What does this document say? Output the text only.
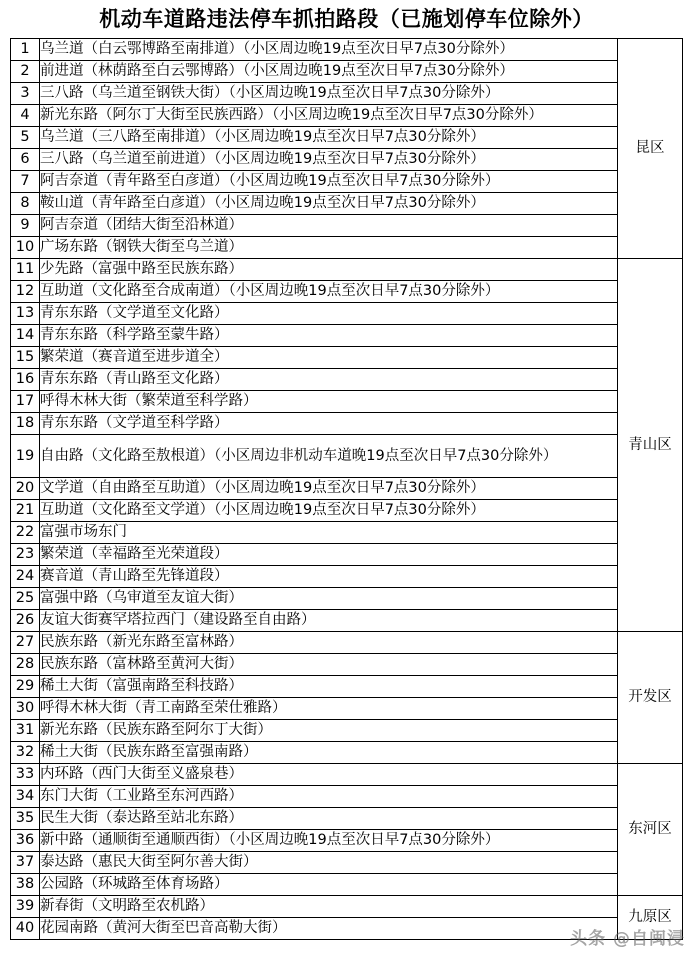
机动车道路违法停车抓拍路段（已施划停车位除外）
1	乌兰道（白云鄂博路至南排道）（小区周边晚19点至次日早7点30分除外）	昆区
2	前进道（林荫路至白云鄂博路）（小区周边晚19点至次日早7点30分除外）	
3	三八路（乌兰道至钢铁大街）（小区周边晚19点至次日早7点30分除外）	
4	新光东路（阿尔丁大街至民族西路）（小区周边晚19点至次日早7点30分除外）	
5	乌兰道（三八路至南排道）（小区周边晚19点至次日早7点30分除外）	
6	三八路（乌兰道至前进道）（小区周边晚19点至次日早7点30分除外）	
7	阿吉奈道（青年路至白彦道）（小区周边晚19点至次日早7点30分除外）	
8	鞍山道（青年路至白彦道）（小区周边晚19点至次日早7点30分除外）	
9	阿吉奈道（团结大街至沿林道）	
10	广场东路（钢铁大街至乌兰道）	
11	少先路（富强中路至民族东路）	青山区
12	互助道（文化路至合成南道）（小区周边晚19点至次日早7点30分除外）	
13	青东东路（文学道至文化路）	
14	青东东路（科学路至蒙牛路）	
15	繁荣道（赛音道至进步道全）	
16	青东东路（青山路至文化路）	
17	呼得木林大街（繁荣道至科学路）	
18	青东东路（文学道至科学路）	
19	自由路（文化路至敖根道）（小区周边非机动车道晚19点至次日早7点30分除外）	
20	文学道（自由路至互助道）（小区周边晚19点至次日早7点30分除外）	
21	互助道（文化路至文学道）（小区周边晚19点至次日早7点30分除外）	
22	富强市场东门	
23	繁荣道（幸福路至光荣道段）	
24	赛音道（青山路至先锋道段）	
25	富强中路（乌审道至友谊大街）	
26	友谊大街赛罕塔拉西门（建设路至自由路）	
27	民族东路（新光东路至富林路）	开发区
28	民族东路（富林路至黄河大街）	
29	稀土大街（富强南路至科技路）	
30	呼得木林大街（青工南路至荣仕雅路）	
31	新光东路（民族东路至阿尔丁大街）	
32	稀土大街（民族东路至富强南路）	
33	内环路（西门大街至义盛泉巷）	东河区
34	东门大街（工业路至东河西路）	
35	民生大街（泰达路至站北东路）	
36	新中路（通顺街至通顺西街）（小区周边晚19点至次日早7点30分除外）	
37	泰达路（惠民大街至阿尔善大街）	
38	公园路（环城路至体育场路）	
39	新春街（文明路至农机路）	九原区
40	花园南路（黄河大街至巴音高勒大街）	
头条 @自闽浸
